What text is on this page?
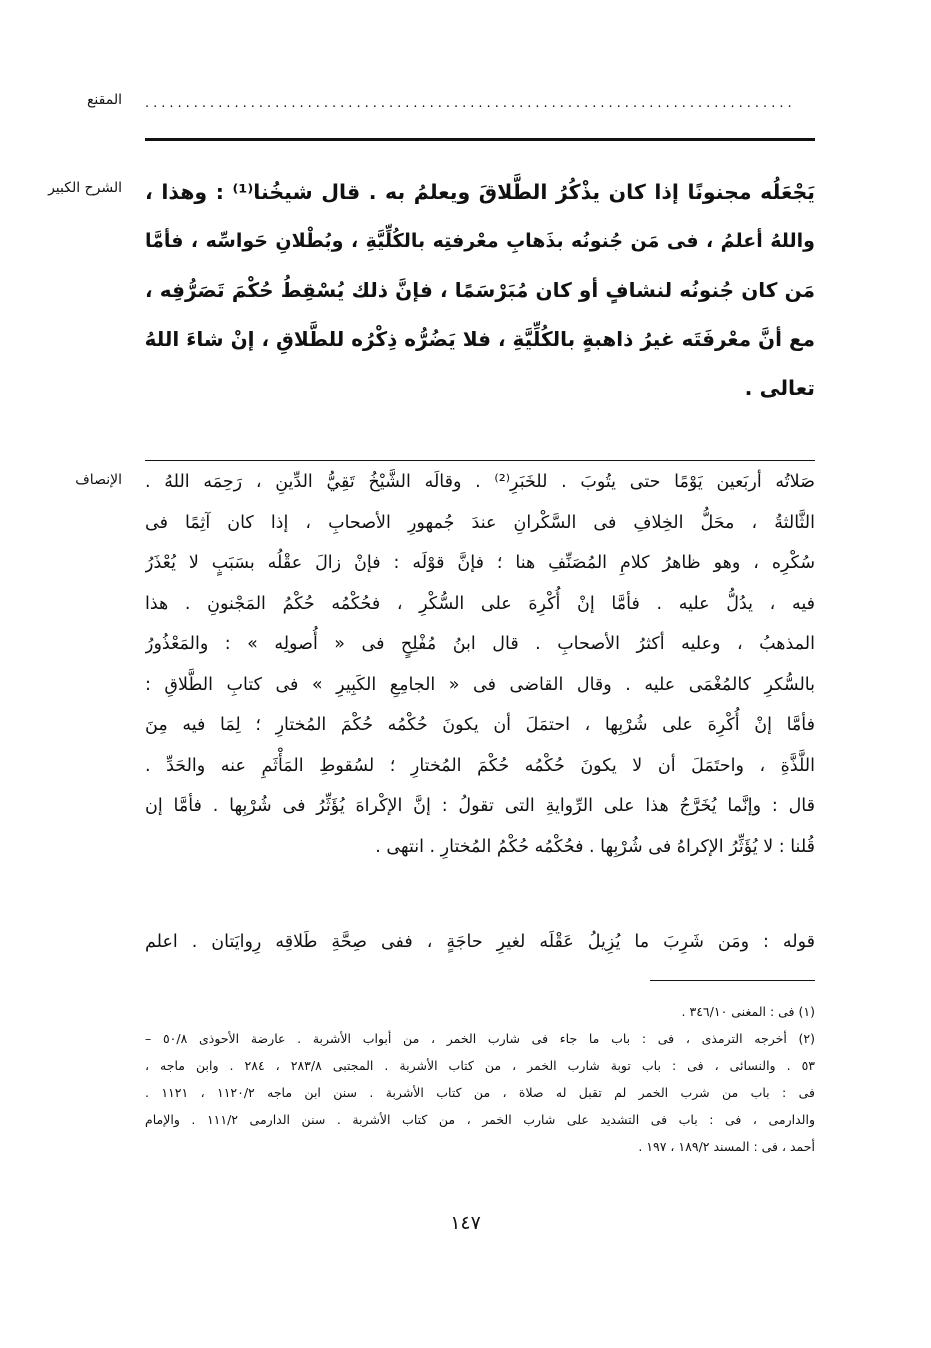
المقنع ................................................................................
الشرح الكبير يَجْعَلُه مجنونًا إذا كان يذْكُرُ الطَّلاقَ ويعلمُ به . قال شيخُنا⁽¹⁾ : وهذا ،
واللهُ أعلمُ ، فى مَن جُنونُه بذَهابِ معْرفتِه بالكُلِّيَّةِ ، وبُطْلانِ حَواسِّه ، فأمَّا
مَن كان جُنونُه لنشافٍ أو كان مُبَرْسَمًا ، فإنَّ ذلك يُسْقِطُ حُكْمَ تَصَرُّفِه ،
مع أنَّ معْرفَتَه غيرُ ذاهبةٍ بالكُلِّيَّةِ ، فلا يَضُرُّه ذِكْرُه للطَّلاقِ ، إنْ شاءَ اللهُ
تعالى .
الإنصاف صَلاتُه أربَعين يَوْمًا حتى يتُوبَ . للخَبَرِ⁽²⁾ . وقالَه الشَّيْخُ تَقِيُّ الدِّينِ ، رَحِمَه اللهُ .
الثَّالثةُ ، محَلُّ الخِلافِ فى السَّكْرانِ عندَ جُمهورِ الأصحابِ ، إذا كان آثِمًا فى
سُكْرِه ، وهو ظاهرُ كلامِ المُصَنِّفِ هنا ؛ فإنَّ قوْلَه : فإنْ زالَ عقْلُه بسَبَبٍ لا يُعْذَرُ
فيه ، يدُلُّ عليه . فأمَّا إنْ أُكْرِهَ على السُّكْرِ ، فحُكْمُه حُكْمُ المَجْنونِ . هذا
المذهبُ ، وعليه أكثرُ الأصحابِ . قال ابنُ مُفْلِحٍ فى « أُصولِه » : والمَعْذُورُ
بالسُّكرِ كالمُغْمَى عليه . وقال القاضى فى « الجامِعِ الكَبِيرِ » فى كتابِ الطَّلاقِ :
فأمَّا إنْ أُكْرِهَ على شُرْبِها ، احتمَلَ أن يكونَ حُكْمُه حُكْمَ المُختارِ ؛ لِمَا فيه مِنَ
اللَّذَّةِ ، واحتَمَلَ أن لا يكونَ حُكْمُه حُكْمَ المُختارِ ؛ لسُقوطِ المَأْثَمِ عنه والحَدِّ .
قال : وإنَّما يُخَرَّجُ هذا على الرِّوايةِ التى تقولُ : إنَّ الإكْراهَ يُؤَثِّرُ فى شُرْبِها . فأمَّا إن
قُلنا : لا يُؤَثِّرُ الإكراهُ فى شُرْبِها . فحُكْمُه حُكْمُ المُختارِ . انتهى .
قوله : ومَن شَرِبَ ما يُزِيلُ عَقْلَه لغيرِ حاجَةٍ ، ففى صِحَّةِ طَلاقِه رِوايَتان . اعلم
(١) فى : المغنى ٣٤٦/١٠ .
(٢) أخرجه الترمذى ، فى : باب ما جاء فى شارب الخمر ، من أبواب الأشربة . عارضة الأحوذى ٥٠/٨ –
٥٣ . والنسائى ، فى : باب توبة شارب الخمر ، من كتاب الأشربة . المجتبى ٢٨٣/٨ ، ٢٨٤ . وابن ماجه ،
فى : باب من شرب الخمر لم تقبل له صلاة ، من كتاب الأشربة . سنن ابن ماجه ١١٢٠/٢ ، ١١٢١ .
والدارمى ، فى : باب فى التشديد على شارب الخمر ، من كتاب الأشربة . سنن الدارمى ١١١/٢ . والإمام
أحمد ، فى : المسند ١٨٩/٢ ، ١٩٧ .
١٤٧
